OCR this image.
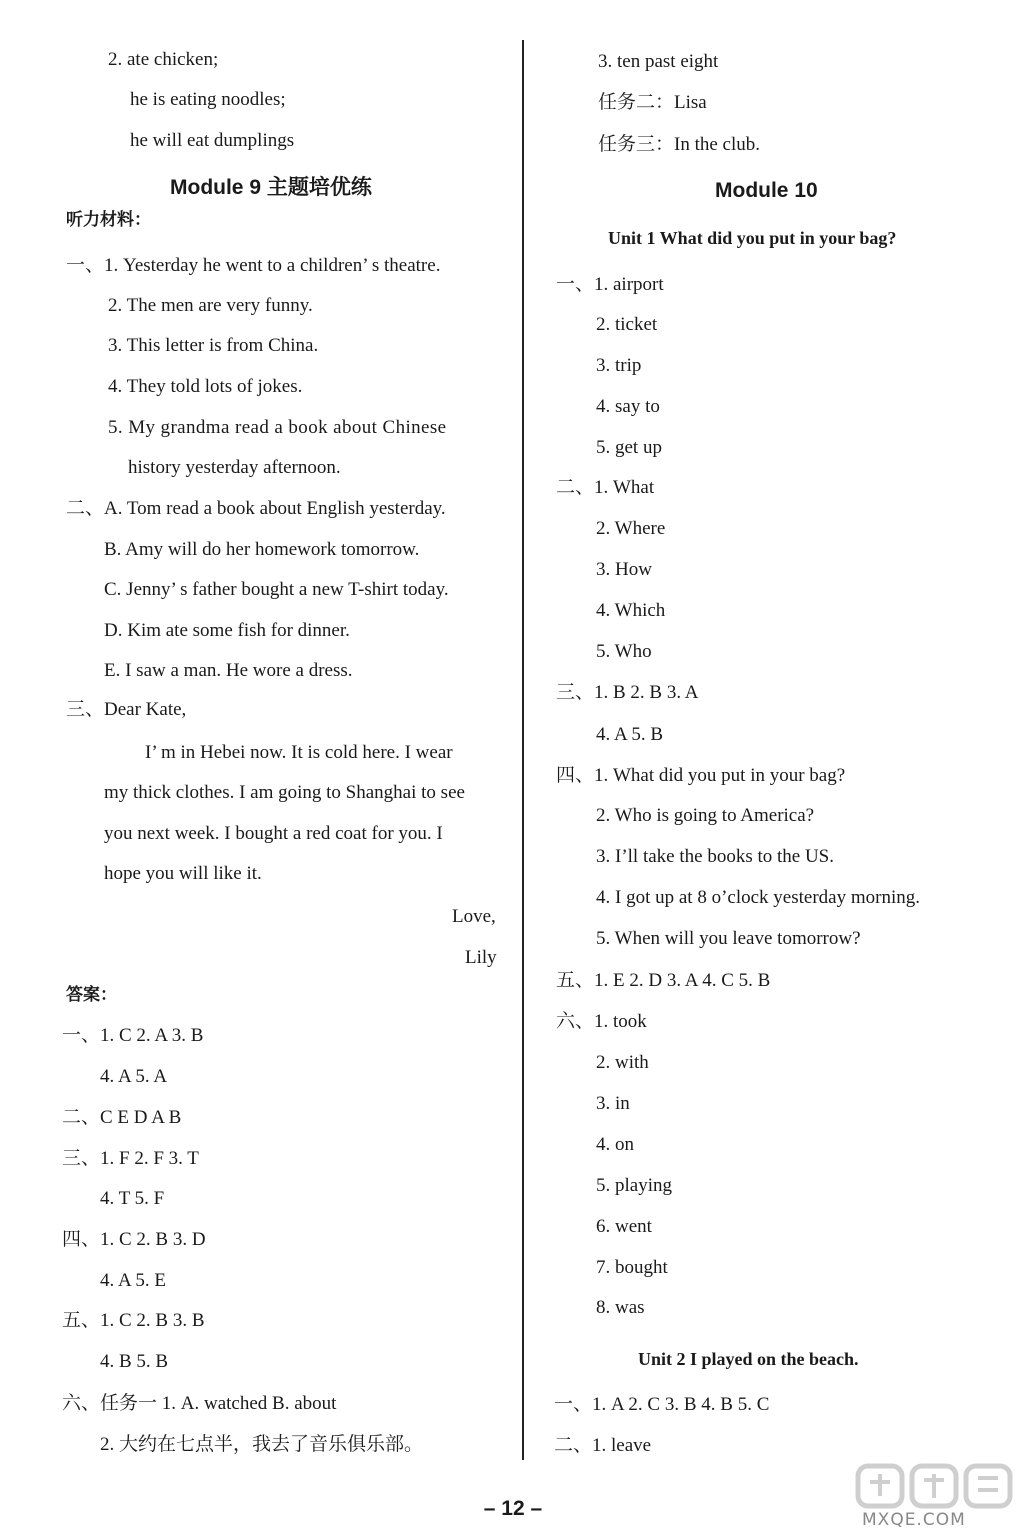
2. ate chicken;
he is eating noodles;
he will eat dumplings
Module 9 主题培优练
听力材料：
一、1. Yesterday he went to a children’ s theatre.
2. The men are very funny.
3. This letter is from China.
4. They told lots of jokes.
5. My grandma read a book about Chinese
history yesterday afternoon.
二、A. Tom read a book about English yesterday.
B. Amy will do her homework tomorrow.
C. Jenny’ s father bought a new T-shirt today.
D. Kim ate some fish for dinner.
E. I saw a man. He wore a dress.
三、Dear Kate,
I’ m in Hebei now. It is cold here. I wear
my thick clothes. I am going to Shanghai to see
you next week. I bought a red coat for you. I
hope you will like it.
Love,
Lily
答案：
一、1. C 2. A 3. B
4. A 5. A
二、C E D A B
三、1. F 2. F 3. T
4. T 5. F
四、1. C 2. B 3. D
4. A 5. E
五、1. C 2. B 3. B
4. B 5. B
六、任务一 1. A. watched B. about
2. 大约在七点半，我去了音乐俱乐部。
3. ten past eight
任务二：Lisa
任务三：In the club.
Module 10
Unit 1 What did you put in your bag?
一、1. airport
2. ticket
3. trip
4. say to
5. get up
二、1. What
2. Where
3. How
4. Which
5. Who
三、1. B 2. B 3. A
4. A 5. B
四、1. What did you put in your bag?
2. Who is going to America?
3. I’ll take the books to the US.
4. I got up at 8 o’clock yesterday morning.
5. When will you leave tomorrow?
五、1. E 2. D 3. A 4. C 5. B
六、1. took
2. with
3. in
4. on
5. playing
6. went
7. bought
8. was
Unit 2 I played on the beach.
一、1. A 2. C 3. B 4. B 5. C
二、1. leave
– 12 –	MXQE.COM
